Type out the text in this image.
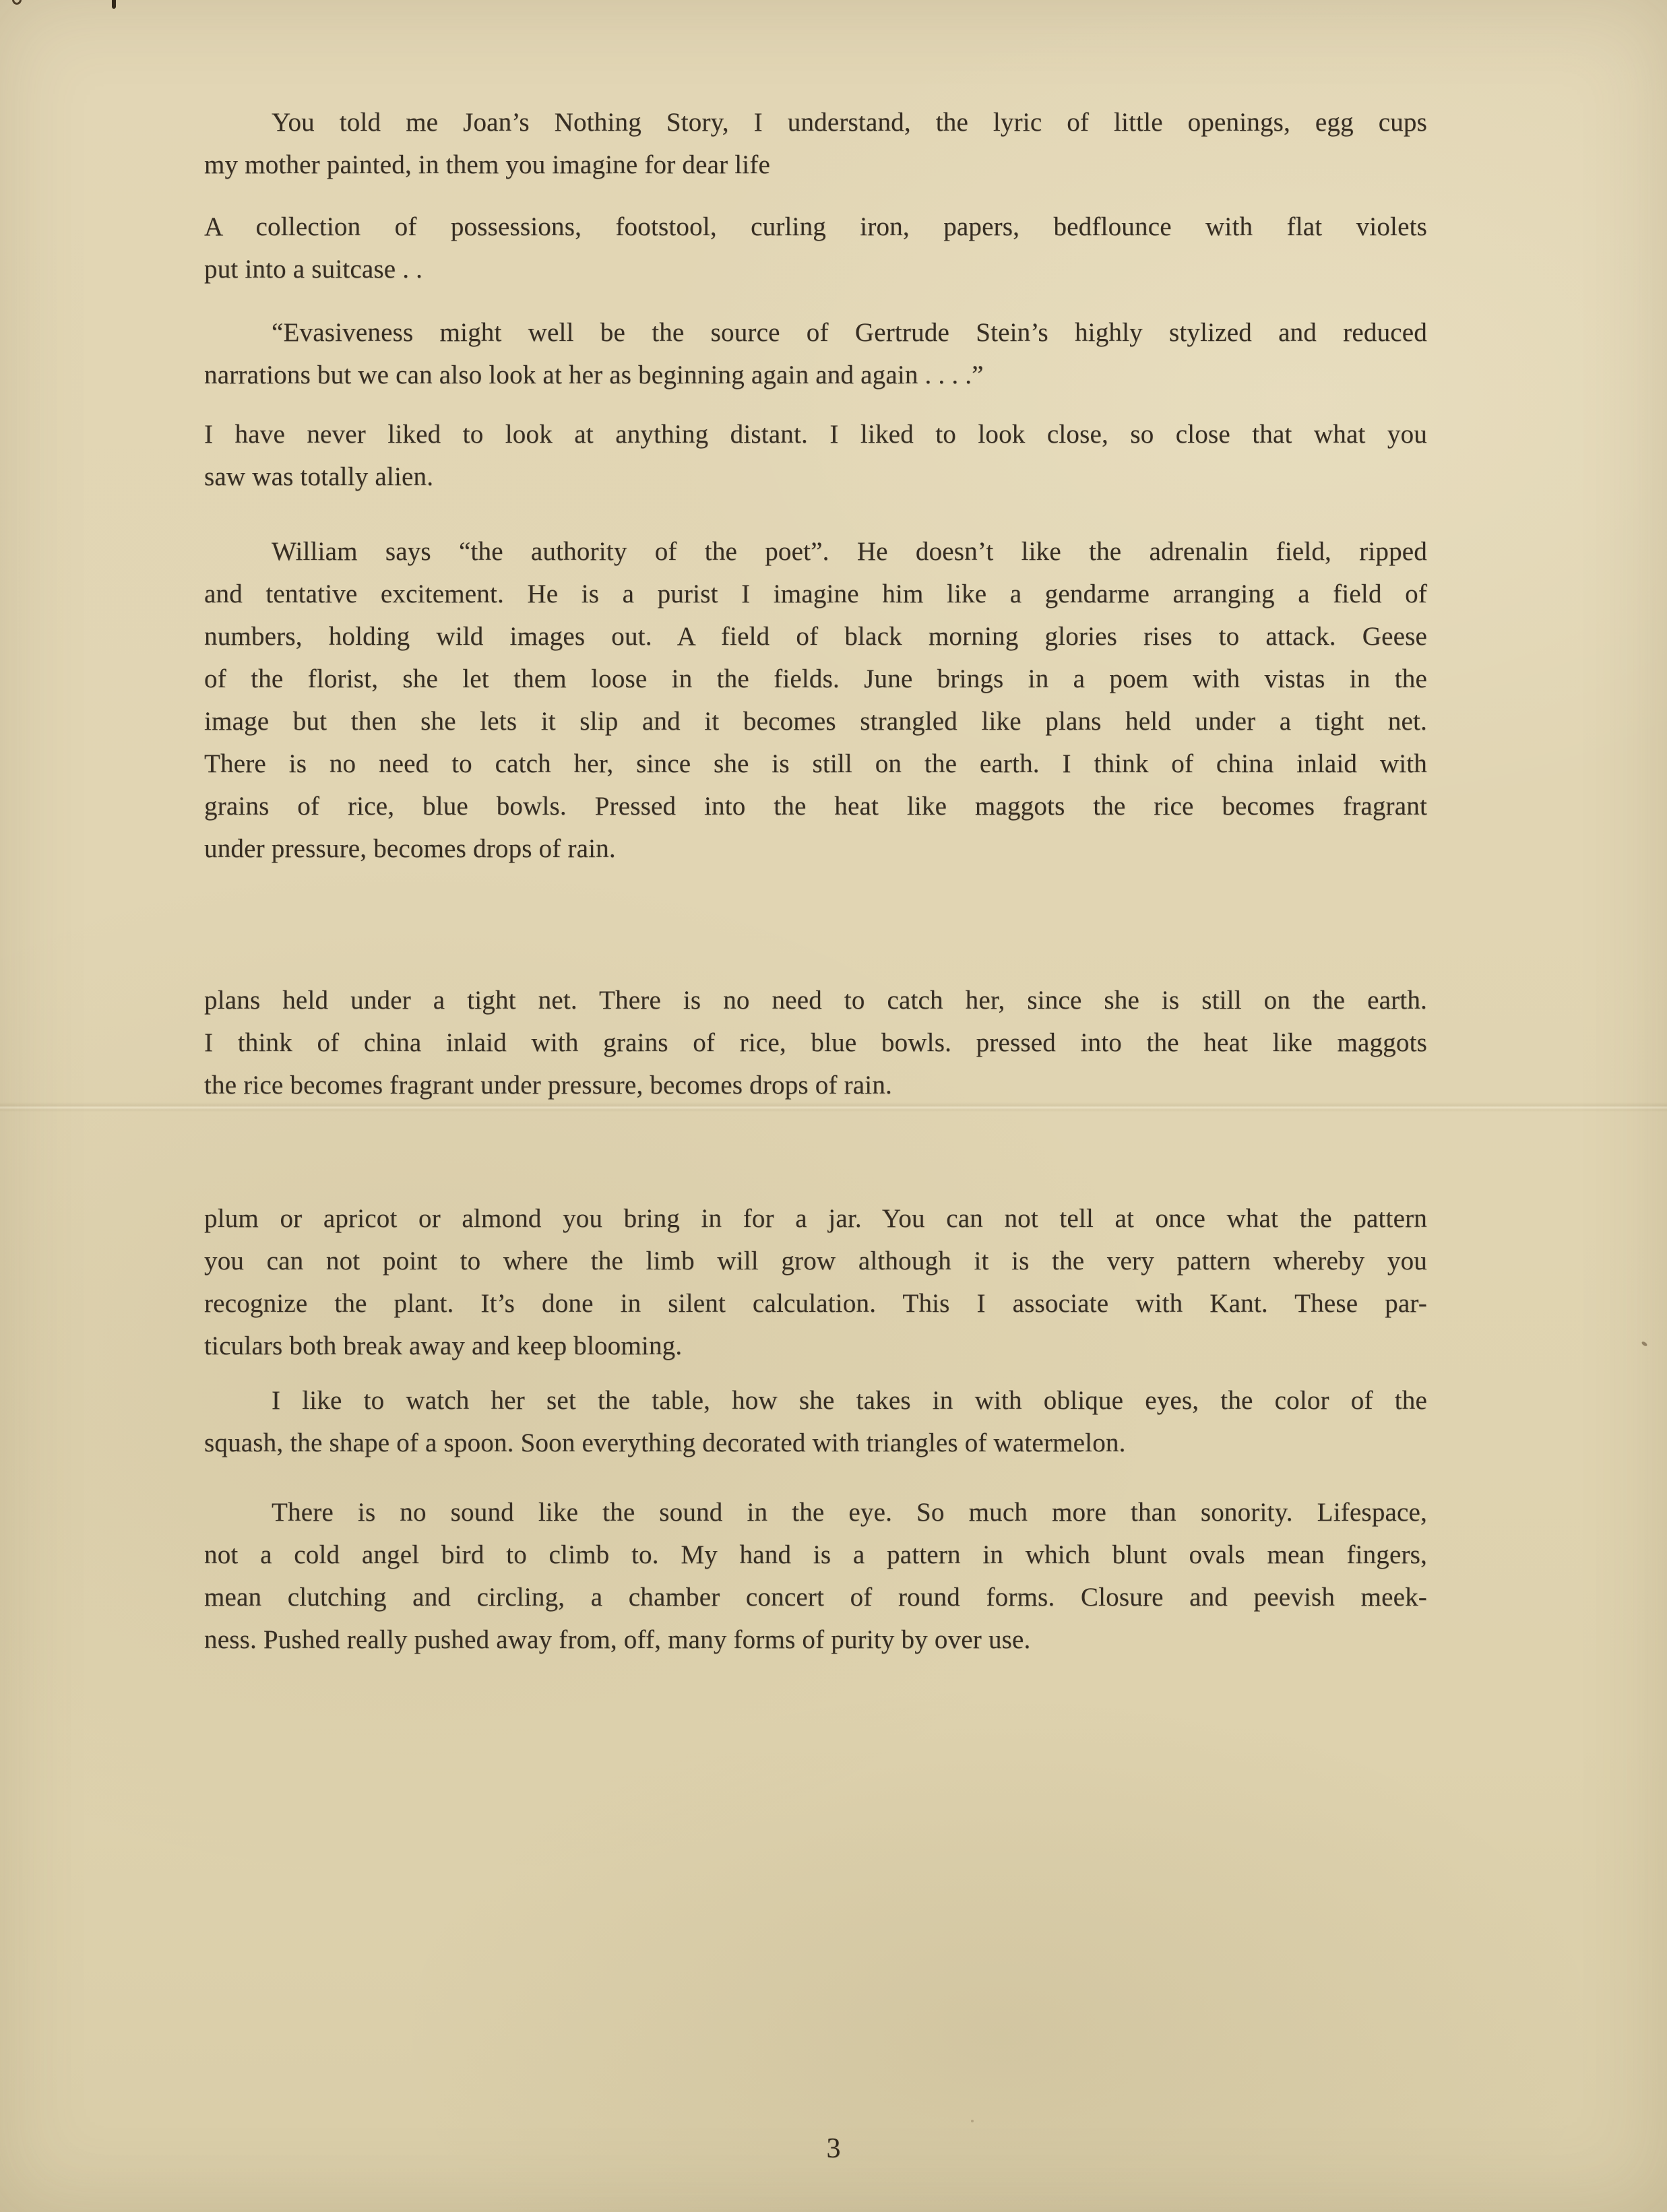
You told me Joan’s Nothing Story, I understand, the lyric of little openings, egg cups
my mother painted, in them you imagine for dear life
A collection of possessions, footstool, curling iron, papers, bedflounce with flat violets
put into a suitcase . .
“Evasiveness might well be the source of Gertrude Stein’s highly stylized and reduced
narrations but we can also look at her as beginning again and again . . . .”
I have never liked to look at anything distant. I liked to look close, so close that what you
saw was totally alien.
William says “the authority of the poet”. He doesn’t like the adrenalin field, ripped
and tentative excitement. He is a purist I imagine him like a gendarme arranging a field of
numbers, holding wild images out. A field of black morning glories rises to attack. Geese
of the florist, she let them loose in the fields. June brings in a poem with vistas in the
image but then she lets it slip and it becomes strangled like plans held under a tight net.
There is no need to catch her, since she is still on the earth. I think of china inlaid with
grains of rice, blue bowls. Pressed into the heat like maggots the rice becomes fragrant
under pressure, becomes drops of rain.
plans held under a tight net. There is no need to catch her, since she is still on the earth.
I think of china inlaid with grains of rice, blue bowls. pressed into the heat like maggots
the rice becomes fragrant under pressure, becomes drops of rain.
plum or apricot or almond you bring in for a jar. You can not tell at once what the pattern
you can not point to where the limb will grow although it is the very pattern whereby you
recognize the plant. It’s done in silent calculation. This I associate with Kant. These par-
ticulars both break away and keep blooming.
I like to watch her set the table, how she takes in with oblique eyes, the color of the
squash, the shape of a spoon. Soon everything decorated with triangles of watermelon.
There is no sound like the sound in the eye. So much more than sonority. Lifespace,
not a cold angel bird to climb to. My hand is a pattern in which blunt ovals mean fingers,
mean clutching and circling, a chamber concert of round forms. Closure and peevish meek-
ness. Pushed really pushed away from, off, many forms of purity by over use.
3
